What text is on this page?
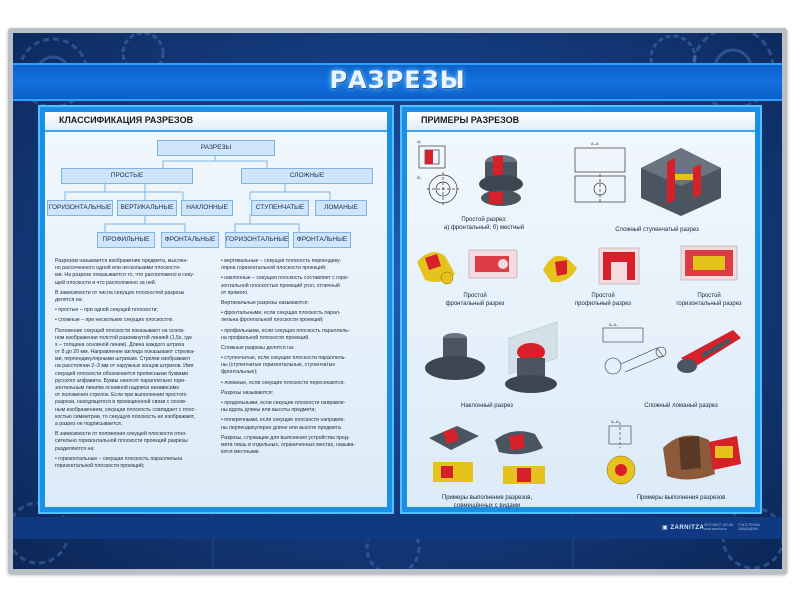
РАЗРЕЗЫ
КЛАССИФИКАЦИЯ РАЗРЕЗОВ
РАЗРЕЗЫ
ПРОСТЫЕ	СЛОЖНЫЕ
ГОРИЗОНТАЛЬНЫЕ	ВЕРТИКАЛЬНЫЕ	НАКЛОННЫЕ	СТУПЕНЧАТЫЕ	ЛОМАНЫЕ
ПРОФИЛЬНЫЕ	ФРОНТАЛЬНЫЕ	ГОРИЗОНТАЛЬНЫЕ	ФРОНТАЛЬНЫЕ
Разрезом называется изображение предмета, мыслен-
но рассеченного одной или несколькими плоскостя-
ми. На разрезе показывается то, что расположено в секу-
щей плоскости и что расположено за ней.
В зависимости от числа секущих плоскостей разрезы
делятся на:
• простые – при одной секущей плоскости;
• сложные – при нескольких секущих плоскостях.
Положение секущей плоскости показывают на основ-
ном изображении толстой разомкнутой линией (1,5s, где
s – толщина основной линии). Длина каждого штриха
от 8 до 20 мм. Направление взгляда показывают стрелка-
ми, перпендикулярными штрихам. Стрелки изображают
на расстоянии 2–3 мм от наружных концов штрихов. Имя
секущей плоскости обозначается прописными буквами
русского алфавита. Буквы наносят параллельно гори-
зонтальным линиям основной надписи независимо
от положения стрелок. Если при выполнении простого
разреза, находящегося в проекционной связи с основ-
ным изображением, секущая плоскость совпадает с плос-
костью симметрии, то секущую плоскость не изображают,
а разрез не подписывается.
В зависимости от положения секущей плоскости отно-
сительно горизонтальной плоскости проекций разрезы
разделяются на:
• горизонтальные – секущая плоскость параллельна
горизонтальной плоскости проекций;
• вертикальные – секущая плоскость перпендику-
лярна горизонтальной плоскости проекций;
• наклонные – секущая плоскость составляет с гори-
зонтальной плоскостью проекций угол, отличный
от прямого.
Вертикальные разрезы называются:
• фронтальными, если секущая плоскость парал-
лельна фронтальной плоскости проекций;
• профильными, если секущая плоскость параллель-
на профильной плоскости проекций.
Сложные разрезы делятся на:
• ступенчатые, если секущие плоскости параллель-
ны (ступенчатые горизонтальные, ступенчатые
фронтальные);
• ломаные, если секущие плоскости пересекаются.
Разрезы называются:
• продольными, если секущие плоскости направле-
ны вдоль длины или высоты предмета;
• поперечными, если секущие плоскости направле-
ны перпендикулярно длине или высоте предмета.
Разрезы, служащие для выяснения устройства пред-
мета лишь в отдельных, ограниченных местах, называ-
ются местными.
ПРИМЕРЫ РАЗРЕЗОВ
а)
б)
Простой разрез:
а) фронтальный; б) местный
А–А
Сложный ступенчатый разрез
Простой
фронтальный разрез
Простой
профильный разрез
Простой
горизонтальный разрез
Наклонный разрез
А–А
Сложный ломаный разрез
Примеры выполнения разрезов,
совмещённых с видами
А–А
Примеры выполнения разрезов
▣ ZARNITZA ЗИТСКМОТ-АП-АВ
www.zarnitza.ru
© ВСЕ ПРАВА
ЗАЩИЩЕНЫ
